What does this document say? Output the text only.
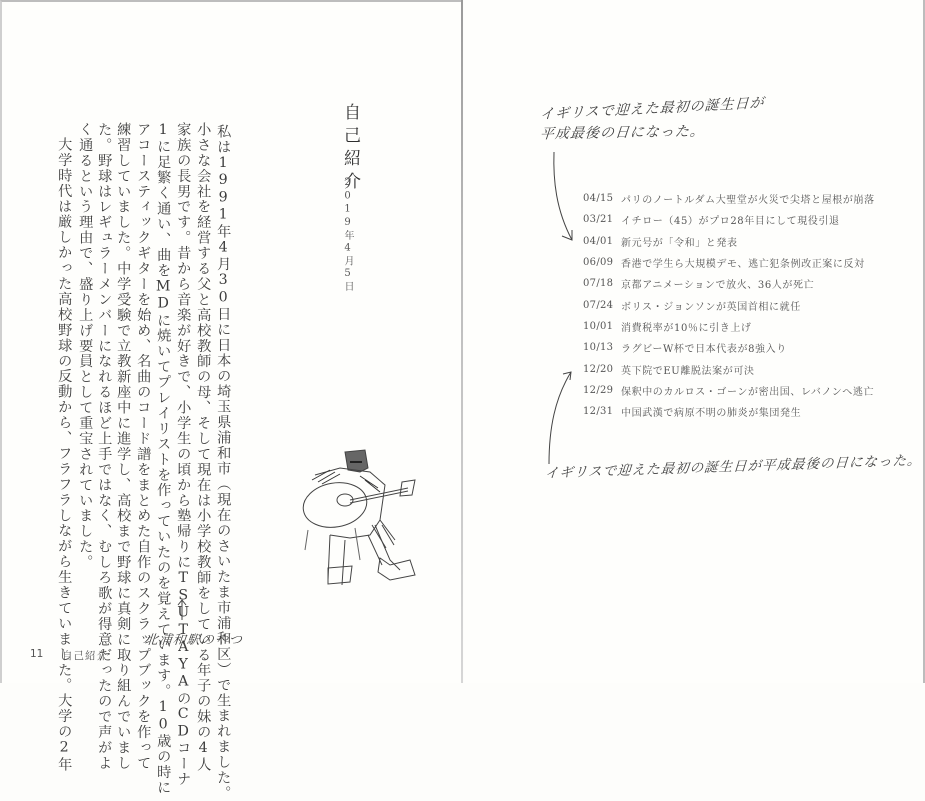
自己紹介
2019年4月5日
私は1991年4月30日に日本の埼玉県浦和市（現在のさいたま市浦和区）で生まれました。
小さな会社を経営する父と高校教師の母、そして現在は小学校教師をしている年子の妹の4人
家族の長男です。昔から音楽が好きで、小学生の頃から塾帰りにTSUTAYAのCDコーナ
1に足繁く通い、曲をMDに焼いてプレイリストを作っていたのを覚えています。10歳の時に
アコースティックギターを始め、名曲のコード譜をまとめた自作のスクラップブックを作って
練習していました。中学受験で立教新座中に進学し、高校まで野球に真剣に取り組んでいまし
た。野球はレギュラーメンバーになれるほど上手ではなく、むしろ歌が得意だったので声がよ
く通るという理由で、盛り上げ要員として重宝されていました。
大学時代は厳しかった高校野球の反動から、フラフラしながら生きていました。大学の2年	北浦和駅のやつ
11 自己紹介
イギリスで迎えた最初の誕生日が
平成最後の日になった。
04/15 パリのノートルダム大聖堂が火災で尖塔と屋根が崩落
03/21 イチロー（45）がプロ28年目にして現役引退
04/01 新元号が「令和」と発表
06/09 香港で学生ら大規模デモ、逃亡犯条例改正案に反対
07/18 京都アニメーションで放火、36人が死亡
07/24 ボリス・ジョンソンが英国首相に就任
10/01 消費税率が10％に引き上げ
10/13 ラグビーW杯で日本代表が8強入り
12/20 英下院でEU離脱法案が可決
12/29 保釈中のカルロス・ゴーンが密出国、レバノンへ逃亡
12/31 中国武漢で病原不明の肺炎が集団発生
イギリスで迎えた最初の誕生日が平成最後の日になった。
